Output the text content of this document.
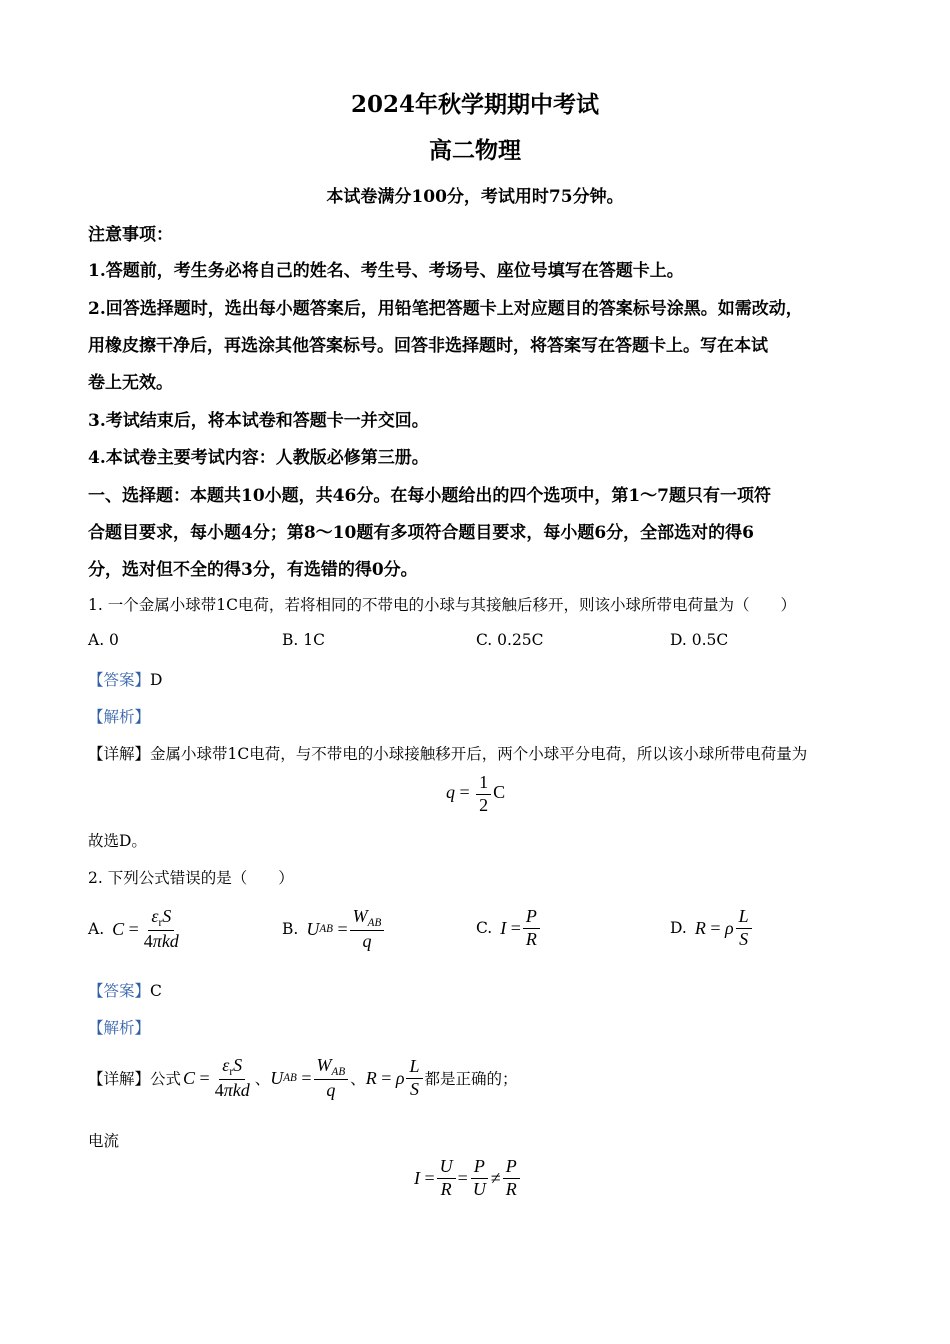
2024年秋学期期中考试
高二物理
本试卷满分100分，考试用时75分钟。
注意事项：
1.答题前，考生务必将自己的姓名、考生号、考场号、座位号填写在答题卡上。
2.回答选择题时，选出每小题答案后，用铅笔把答题卡上对应题目的答案标号涂黑。如需改动，
用橡皮擦干净后，再选涂其他答案标号。回答非选择题时，将答案写在答题卡上。写在本试
卷上无效。
3.考试结束后，将本试卷和答题卡一并交回。
4.本试卷主要考试内容：人教版必修第三册。
一、选择题：本题共10小题，共46分。在每小题给出的四个选项中，第1～7题只有一项符
合题目要求，每小题4分；第8～10题有多项符合题目要求，每小题6分，全部选对的得6
分，选对但不全的得3分，有选错的得0分。
1. 一个金属小球带1C电荷，若将相同的不带电的小球与其接触后移开，则该小球所带电荷量为（　　）
A. 0	B. 1C	C. 0.25C	D. 0.5C
【答案】D
【解析】
【详解】金属小球带1C电荷，与不带电的小球接触移开后，两个小球平分电荷，所以该小球所带电荷量为
$q = \frac{1}{2}$ C
故选D。
2. 下列公式错误的是（　　）
A. $C = \frac{\varepsilon_rS}{\text{4πkd}}$	B. U AB = $\frac{W_{AB}}{q}$	C. $I = \frac{P}{R}$	D. R = ρ $\frac{L}{S}$
【答案】C
【解析】
【详解】 公式 $C = \frac{\varepsilon_rS}{\text{4πkd}}$ 、 U AB = $\frac{W_{AB}}{q}$ 、 R = ρ $\frac{L}{S}$ 都是正确的；
电流
$I = \frac{U}{R} = \frac{P}{U} \ne \frac{P}{R}$
